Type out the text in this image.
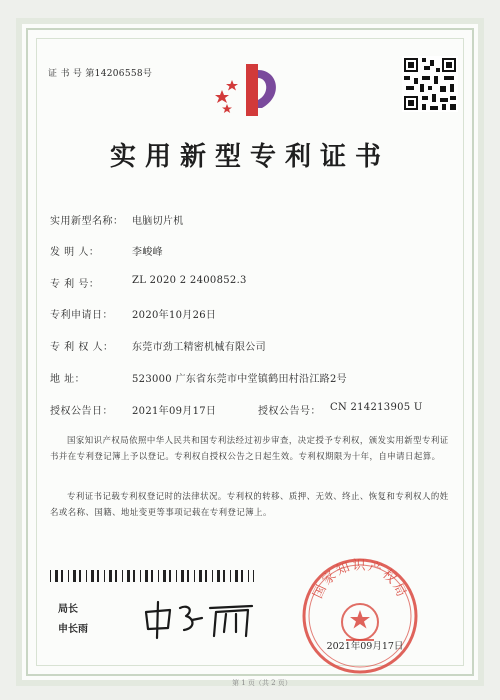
证 书 号 第14206558号
实用新型专利证书
实用新型名称： 电脑切片机
发 明 人：	李峻峰
专 利 号：	ZL 2020 2 2400852.3
专利申请日：	2020年10月26日
专 利 权 人：	东莞市劲工精密机械有限公司
地 址：	523000 广东省东莞市中堂镇鹤田村沿江路2号
授权公告日：	2021年09月17日	授权公告号： CN 214213905 U
国家知识产权局依照中华人民共和国专利法经过初步审查，决定授予专利权，颁发实用新型专利证书并在专利登记簿上予以登记。专利权自授权公告之日起生效。专利权期限为十年，自申请日起算。
专利证书记载专利权登记时的法律状况。专利权的转移、质押、无效、终止、恢复和专利权人的姓名或名称、国籍、地址变更等事项记载在专利登记簿上。
局长
申长雨
国家知识产权局
2021年09月17日
第 1 页（共 2 页）
